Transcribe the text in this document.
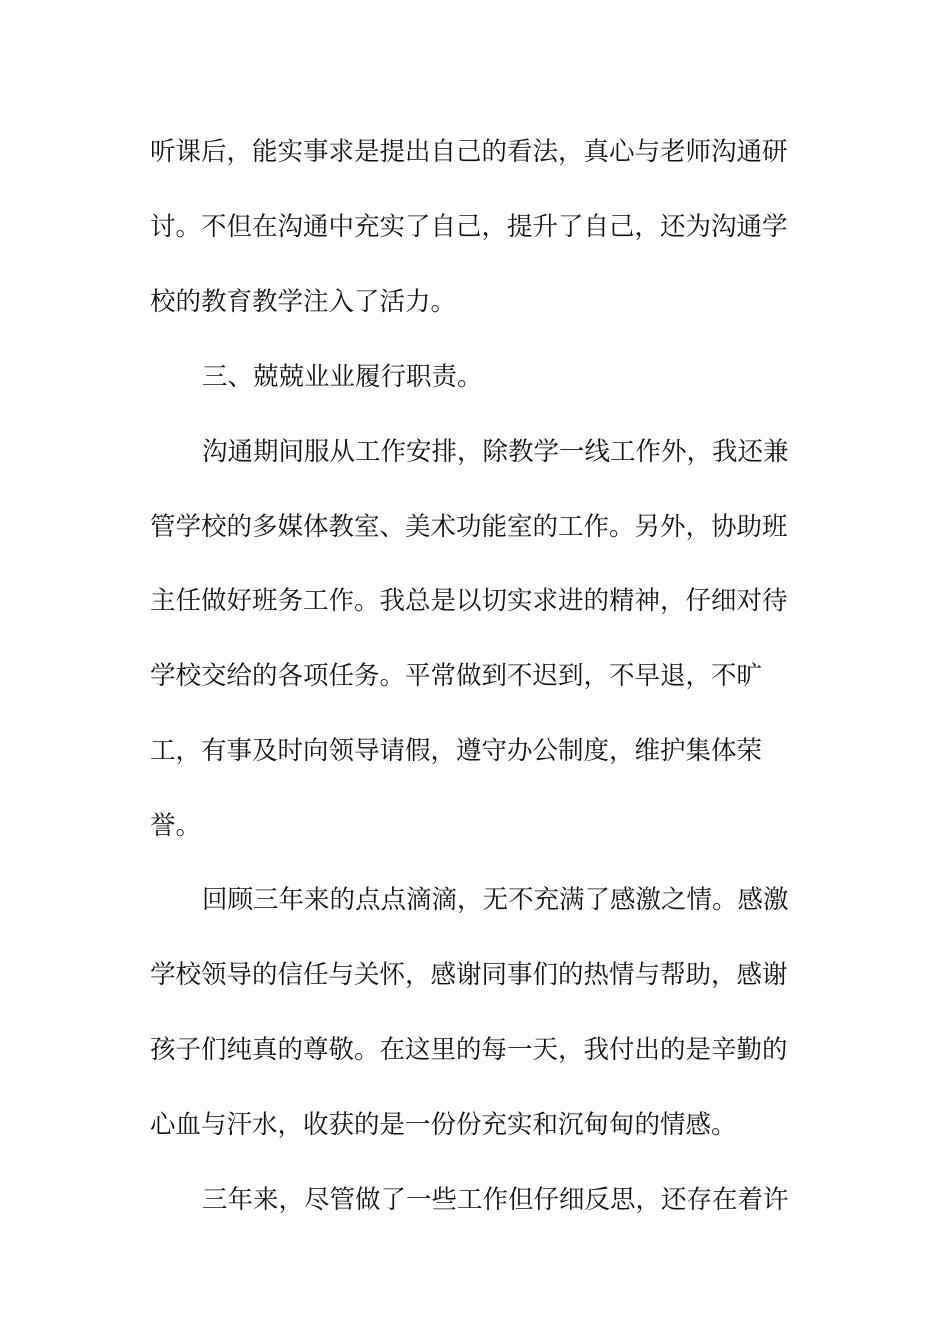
听课后，能实事求是提出自己的看法，真心与老师沟通研
讨。不但在沟通中充实了自己，提升了自己，还为沟通学
校的教育教学注入了活力。
三、兢兢业业履行职责。
沟通期间服从工作安排，除教学一线工作外，我还兼
管学校的多媒体教室、美术功能室的工作。另外，协助班
主任做好班务工作。我总是以切实求进的精神，仔细对待
学校交给的各项任务。平常做到不迟到，不早退，不旷
工，有事及时向领导请假，遵守办公制度，维护集体荣
誉。
回顾三年来的点点滴滴，无不充满了感激之情。感激
学校领导的信任与关怀，感谢同事们的热情与帮助，感谢
孩子们纯真的尊敬。在这里的每一天，我付出的是辛勤的
心血与汗水，收获的是一份份充实和沉甸甸的情感。
三年来，尽管做了一些工作但仔细反思，还存在着许
